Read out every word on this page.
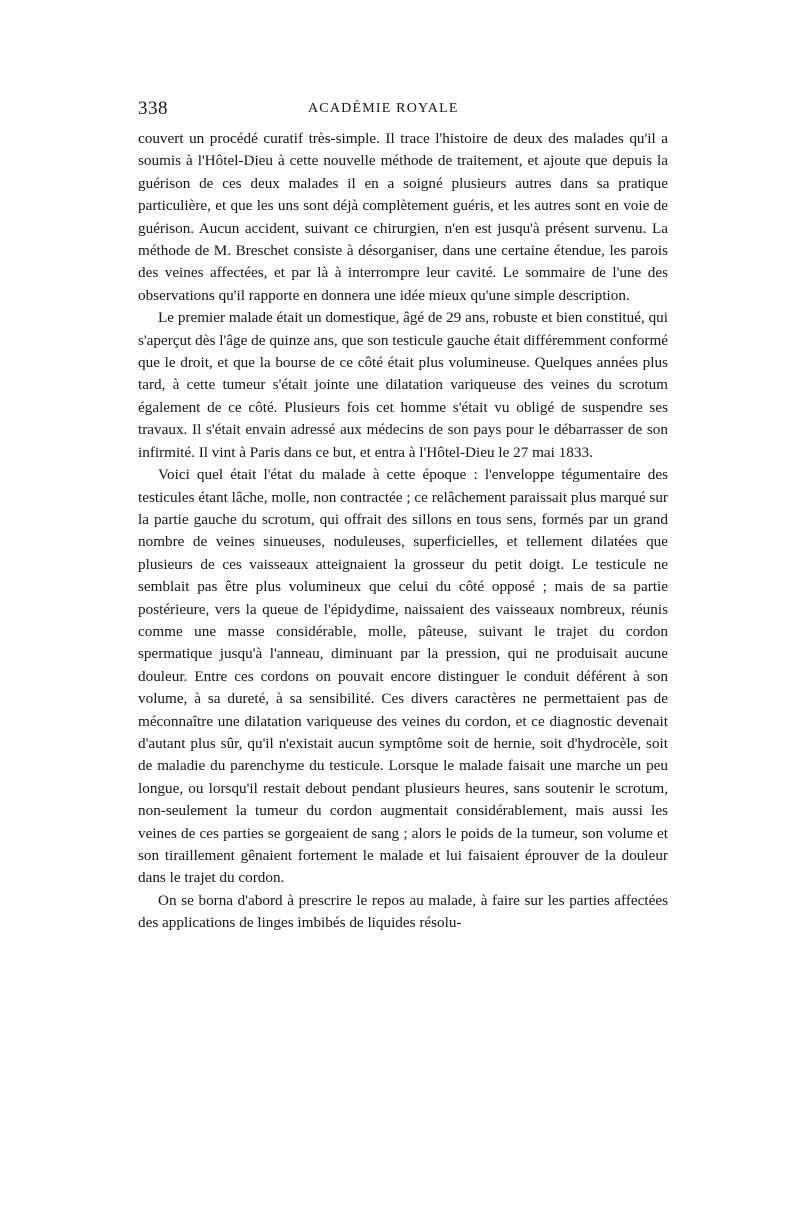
338	ACADÉMIE ROYALE

couvert un procédé curatif très-simple. Il trace l'histoire de deux des malades qu'il a soumis à l'Hôtel-Dieu à cette nouvelle méthode de traitement, et ajoute que depuis la guérison de ces deux malades il en a soigné plusieurs autres dans sa pratique particulière, et que les uns sont déjà complètement guéris, et les autres sont en voie de guérison. Aucun accident, suivant ce chirurgien, n'en est jusqu'à présent survenu. La méthode de M. Breschet consiste à désorganiser, dans une certaine étendue, les parois des veines affectées, et par là à interrompre leur cavité. Le sommaire de l'une des observations qu'il rapporte en donnera une idée mieux qu'une simple description.

Le premier malade était un domestique, âgé de 29 ans, robuste et bien constitué, qui s'aperçut dès l'âge de quinze ans, que son testicule gauche était différemment conformé que le droit, et que la bourse de ce côté était plus volumineuse. Quelques années plus tard, à cette tumeur s'était jointe une dilatation variqueuse des veines du scrotum également de ce côté. Plusieurs fois cet homme s'était vu obligé de suspendre ses travaux. Il s'était envain adressé aux médecins de son pays pour le débarrasser de son infirmité. Il vint à Paris dans ce but, et entra à l'Hôtel-Dieu le 27 mai 1833.

Voici quel était l'état du malade à cette époque : l'enveloppe tégumentaire des testicules étant lâche, molle, non contractée ; ce relâchement paraissait plus marqué sur la partie gauche du scrotum, qui offrait des sillons en tous sens, formés par un grand nombre de veines sinueuses, noduleuses, superficielles, et tellement dilatées que plusieurs de ces vaisseaux atteignaient la grosseur du petit doigt. Le testicule ne semblait pas être plus volumineux que celui du côté opposé ; mais de sa partie postérieure, vers la queue de l'épidydime, naissaient des vaisseaux nombreux, réunis comme une masse considérable, molle, pâteuse, suivant le trajet du cordon spermatique jusqu'à l'anneau, diminuant par la pression, qui ne produisait aucune douleur. Entre ces cordons on pouvait encore distinguer le conduit déférent à son volume, à sa dureté, à sa sensibilité. Ces divers caractères ne permettaient pas de méconnaître une dilatation variqueuse des veines du cordon, et ce diagnostic devenait d'autant plus sûr, qu'il n'existait aucun symptôme soit de hernie, soit d'hydrocèle, soit de maladie du parenchyme du testicule. Lorsque le malade faisait une marche un peu longue, ou lorsqu'il restait debout pendant plusieurs heures, sans soutenir le scrotum, non-seulement la tumeur du cordon augmentait considérablement, mais aussi les veines de ces parties se gorgeaient de sang ; alors le poids de la tumeur, son volume et son tiraillement gênaient fortement le malade et lui faisaient éprouver de la douleur dans le trajet du cordon.

On se borna d'abord à prescrire le repos au malade, à faire sur les parties affectées des applications de linges imbibés de liquides résolu-
